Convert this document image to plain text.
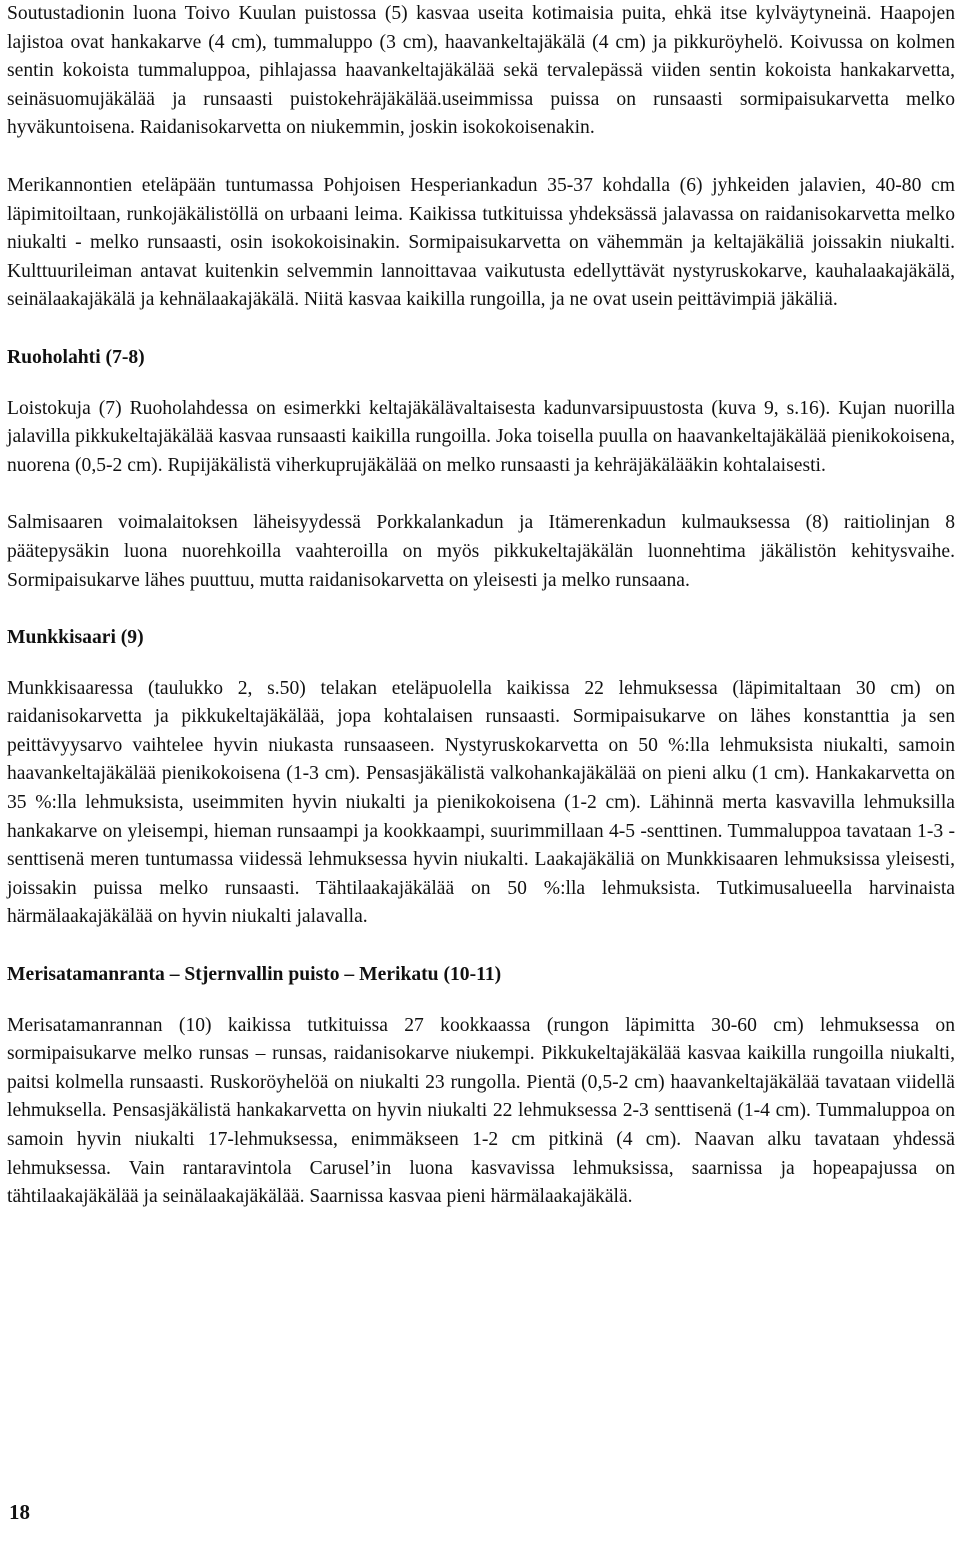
Soutustadionin luona Toivo Kuulan puistossa (5) kasvaa useita kotimaisia puita, ehkä itse kylväytyneinä. Haapojen lajistoa ovat hankakarve (4 cm), tummaluppo (3 cm), haavankeltajäkälä (4 cm) ja pikkuröyhelö. Koivussa on kolmen sentin kokoista tummaluppoa, pihlajassa haavankeltajäkälää sekä tervalepässä viiden sentin kokoista hankakarvetta, seinäsuomujäkälää ja runsaasti puistokehräjäkälää.useimmissa puissa on runsaasti sormipaisukarvetta melko hyväkuntoisena. Raidanisokarvetta on niukemmin, joskin isokokoisenakin.

Merikannontien eteläpään tuntumassa Pohjoisen Hesperiankadun 35-37 kohdalla (6) jyhkeiden jalavien, 40-80 cm läpimitoiltaan, runkojäkälistöllä on urbaani leima. Kaikissa tutkituissa yhdeksässä jalavassa on raidanisokarvetta melko niukalti - melko runsaasti, osin isokokoisinakin. Sormipaisukarvetta on vähemmän ja keltajäkäliä joissakin niukalti. Kulttuurileiman antavat kuitenkin selvemmin lannoittavaa vaikutusta edellyttävät nystyruskokarve, kauhalaakajäkälä, seinälaakajäkälä ja kehnälaakajäkälä. Niitä kasvaa kaikilla rungoilla, ja ne ovat usein peittävimpiä jäkäliä.

Ruoholahti (7-8)

Loistokuja (7) Ruoholahdessa on esimerkki keltajäkälävaltaisesta kadunvarsipuustosta (kuva 9, s.16). Kujan nuorilla jalavilla pikkukeltajäkälää kasvaa runsaasti kaikilla rungoilla. Joka toisella puulla on haavankeltajäkälää pienikokoisena, nuorena (0,5-2 cm). Rupijäkälistä viherkuprujäkälää on melko runsaasti ja kehräjäkälääkin kohtalaisesti.

Salmisaaren voimalaitoksen läheisyydessä Porkkalankadun ja Itämerenkadun kulmauksessa (8) raitiolinjan 8 päätepysäkin luona nuorehkoilla vaahteroilla on myös pikkukeltajäkälän luonnehtima jäkälistön kehitysvaihe. Sormipaisukarve lähes puuttuu, mutta raidanisokarvetta on yleisesti ja melko runsaana.

Munkkisaari (9)

Munkkisaaressa (taulukko 2, s.50) telakan eteläpuolella kaikissa 22 lehmuksessa (läpimitaltaan 30 cm) on raidanisokarvetta ja pikkukeltajäkälää, jopa kohtalaisen runsaasti. Sormipaisukarve on lähes konstanttia ja sen peittävyysarvo vaihtelee hyvin niukasta runsaaseen. Nystyruskokarvetta on 50 %:lla lehmuksista niukalti, samoin haavankeltajäkälää pienikokoisena (1-3 cm). Pensasjäkälistä valkohankajäkälää on pieni alku (1 cm). Hankakarvetta on 35 %:lla lehmuksista, useimmiten hyvin niukalti ja pienikokoisena (1-2 cm). Lähinnä merta kasvavilla lehmuksilla hankakarve on yleisempi, hieman runsaampi ja kookkaampi, suurimmillaan 4-5 -senttinen. Tummaluppoa tavataan 1-3 -senttisenä meren tuntumassa viidessä lehmuksessa hyvin niukalti. Laakajäkäliä on Munkkisaaren lehmuksissa yleisesti, joissakin puissa melko runsaasti. Tähtilaakajäkälää on 50 %:lla lehmuksista. Tutkimusalueella harvinaista härmälaakajäkälää on hyvin niukalti jalavalla.

Merisatamanranta – Stjernvallin puisto – Merikatu (10-11)

Merisatamanrannan (10) kaikissa tutkituissa 27 kookkaassa (rungon läpimitta 30-60 cm) lehmuksessa on sormipaisukarve melko runsas – runsas, raidanisokarve niukempi. Pikkukeltajäkälää kasvaa kaikilla rungoilla niukalti, paitsi kolmella runsaasti. Ruskoröyhelöä on niukalti 23 rungolla. Pientä (0,5-2 cm) haavankeltajäkälää tavataan viidellä lehmuksella. Pensasjäkälistä hankakarvetta on hyvin niukalti 22 lehmuksessa 2-3 senttisenä (1-4 cm). Tummaluppoa on samoin hyvin niukalti 17-lehmuksessa, enimmäkseen 1-2 cm pitkinä (4 cm). Naavan alku tavataan yhdessä lehmuksessa. Vain rantaravintola Carusel’in luona kasvavissa lehmuksissa, saarnissa ja hopeapajussa on tähtilaakajäkälää ja seinälaakajäkälää. Saarnissa kasvaa pieni härmälaakajäkälä.

18
